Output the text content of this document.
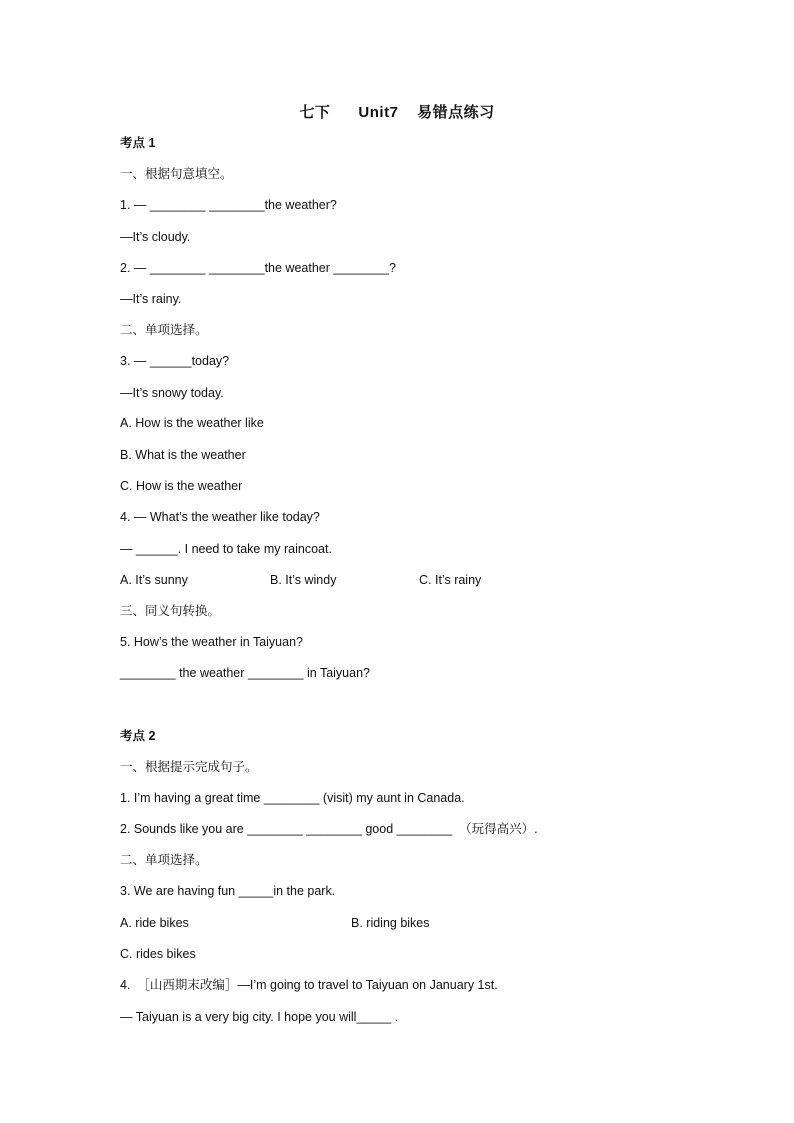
七下      Unit7    易错点练习
考点 1
一、根据句意填空。
1. — ________ ________the weather?
—It’s cloudy.
2. — ________ ________the weather ________?
—It’s rainy.
二、单项选择。
3. — ______today?
—It’s snowy today.
A. How is the weather like
B. What is the weather
C. How is the weather
4. — What’s the weather like today?
— ______. I need to take my raincoat.
A. It’s sunny	B. It’s windy	C. It’s rainy
三、同义句转换。
5. How’s the weather in Taiyuan?
________ the weather ________ in Taiyuan?
考点 2
一、根据提示完成句子。
1. I’m having a great time ________ (visit) my aunt in Canada.
2. Sounds like you are ________ ________ good ________  （玩得高兴）.
二、单项选择。
3. We are having fun _____in the park.
A. ride bikes	B. riding bikes
C. rides bikes
4.  ［山西期末改编］—I’m going to travel to Taiyuan on January 1st.
— Taiyuan is a very big city. I hope you will_____ .
